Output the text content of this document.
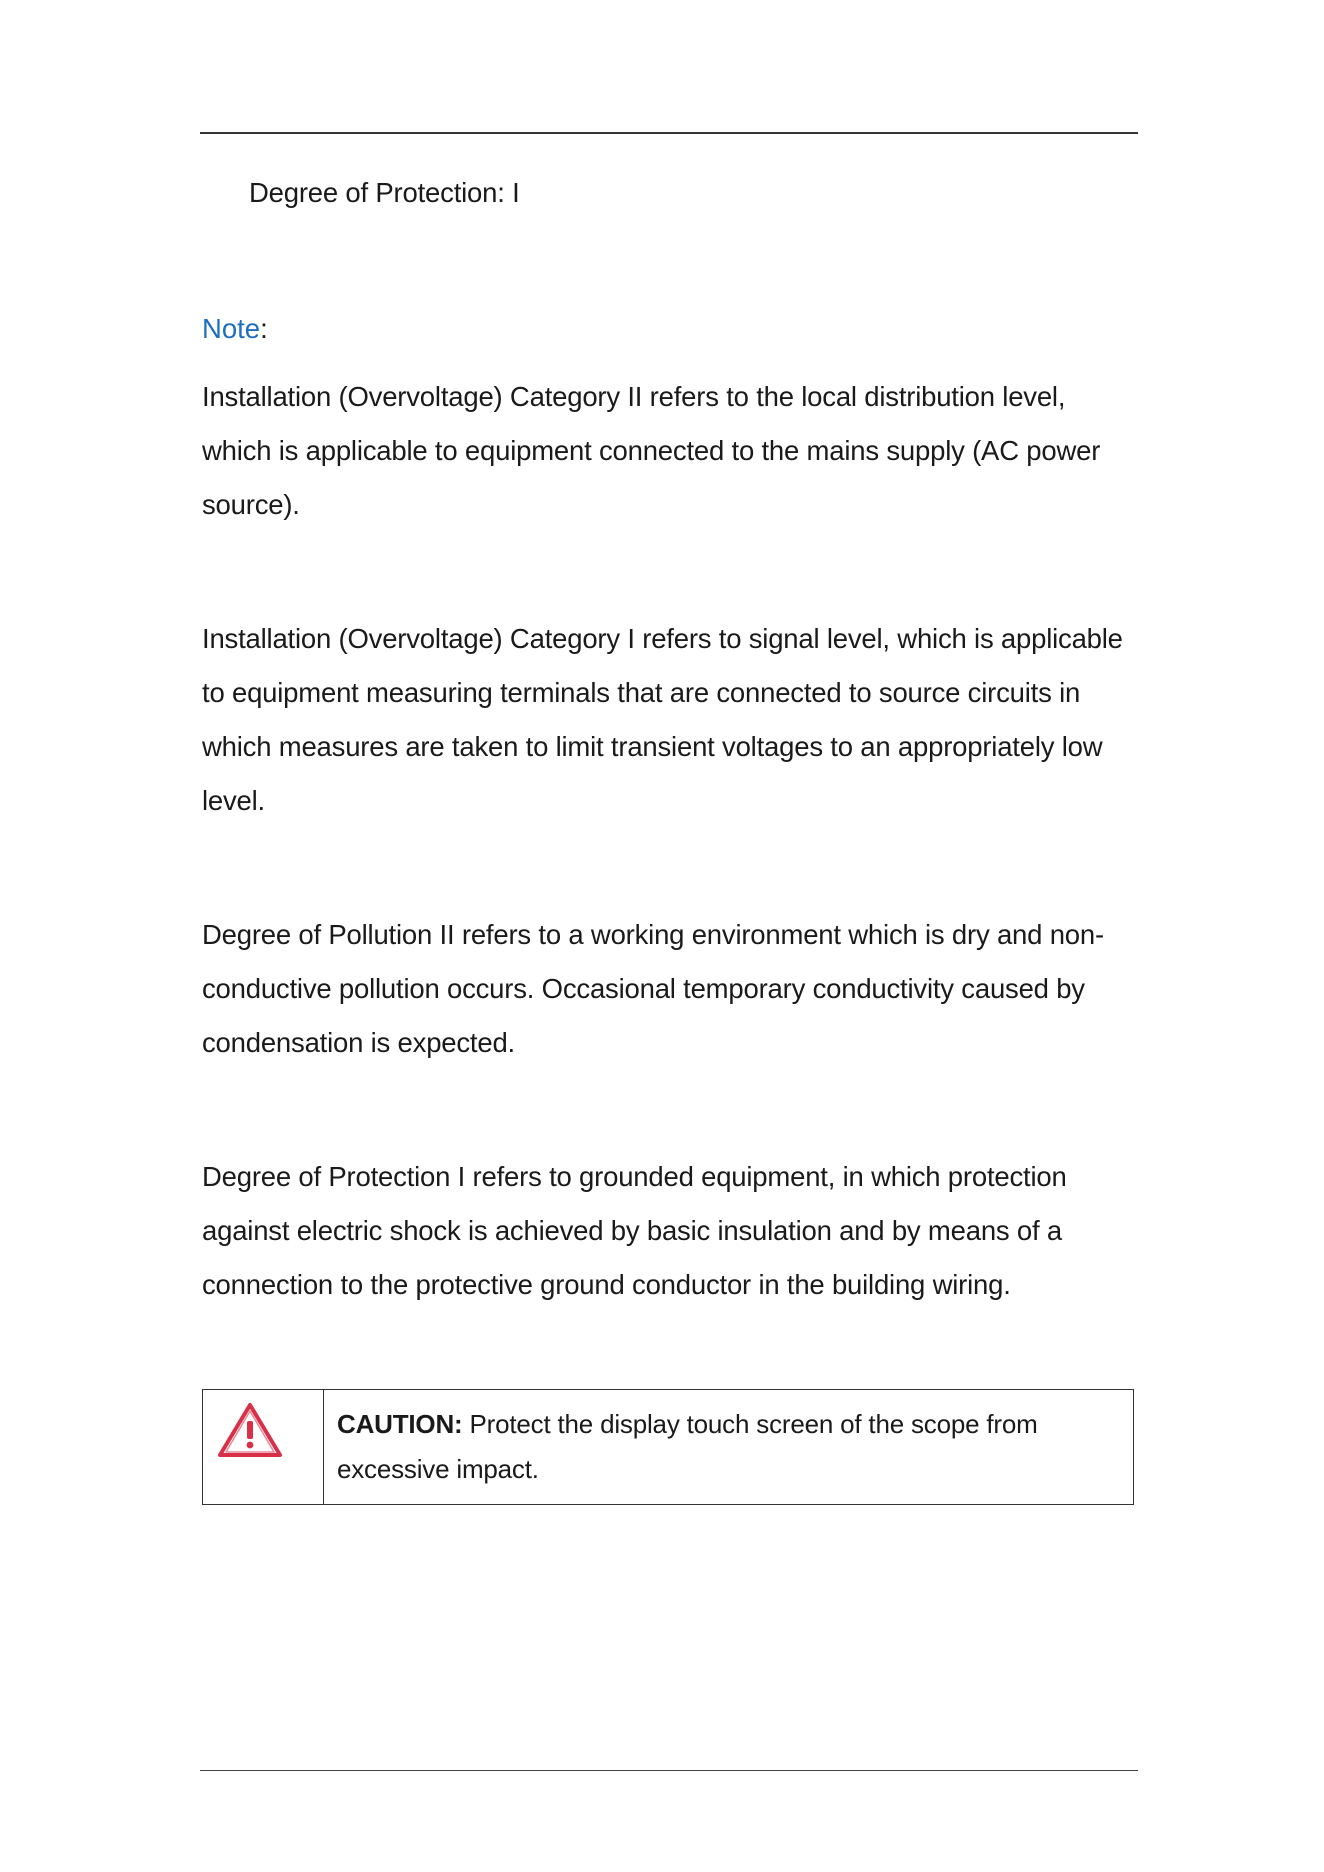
Degree of Protection: I
Note:
Installation (Overvoltage) Category II refers to the local distribution level, which is applicable to equipment connected to the mains supply (AC power source).
Installation (Overvoltage) Category I refers to signal level, which is applicable to equipment measuring terminals that are connected to source circuits in which measures are taken to limit transient voltages to an appropriately low level.
Degree of Pollution II refers to a working environment which is dry and non-conductive pollution occurs. Occasional temporary conductivity caused by condensation is expected.
Degree of Protection I refers to grounded equipment, in which protection against electric shock is achieved by basic insulation and by means of a connection to the protective ground conductor in the building wiring.
CAUTION: Protect the display touch screen of the scope from excessive impact.
